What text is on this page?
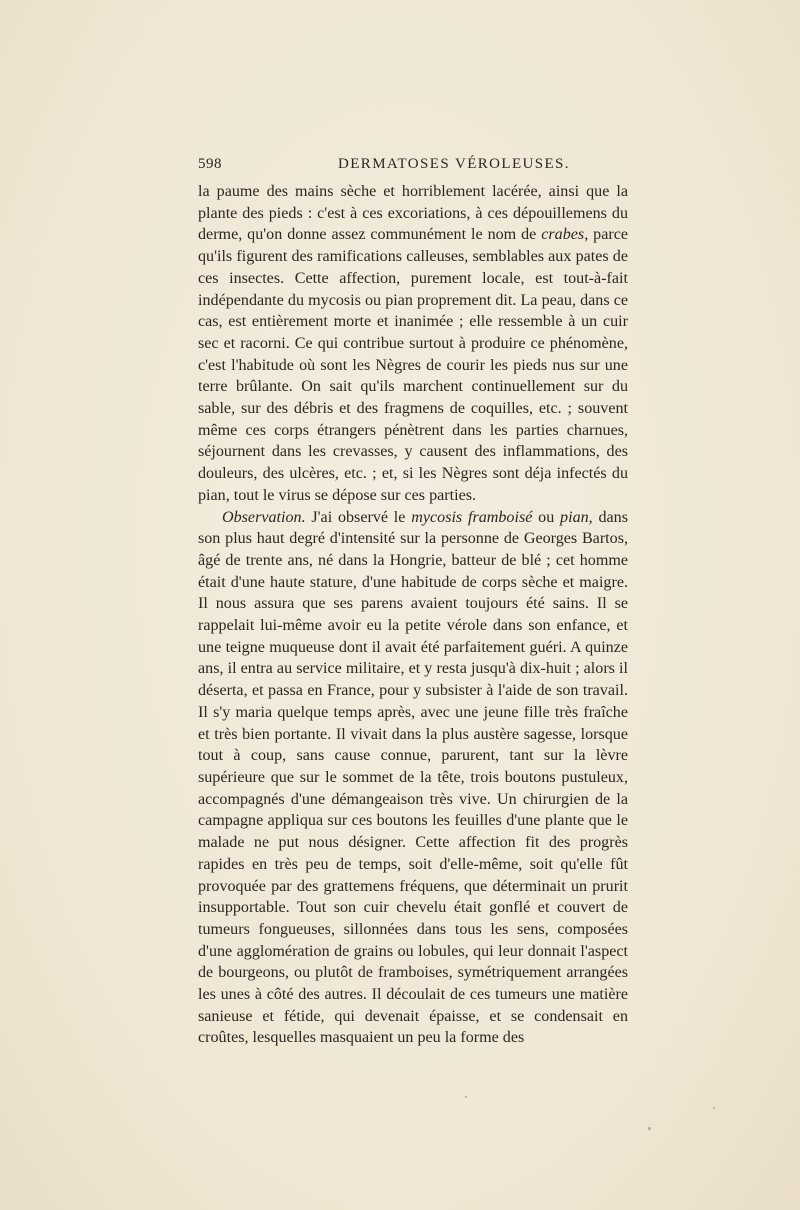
598	DERMATOSES VÉROLEUSES.

la paume des mains sèche et horriblement lacérée, ainsi que la plante des pieds : c'est à ces excoriations, à ces dépouillemens du derme, qu'on donne assez communément le nom de crabes, parce qu'ils figurent des ramifications calleuses, semblables aux pates de ces insectes. Cette affection, purement locale, est tout-à-fait indépendante du mycosis ou pian proprement dit. La peau, dans ce cas, est entièrement morte et inanimée ; elle ressemble à un cuir sec et racorni. Ce qui contribue surtout à produire ce phénomène, c'est l'habitude où sont les Nègres de courir les pieds nus sur une terre brûlante. On sait qu'ils marchent continuellement sur du sable, sur des débris et des fragmens de coquilles, etc. ; souvent même ces corps étrangers pénètrent dans les parties charnues, séjournent dans les crevasses, y causent des inflammations, des douleurs, des ulcères, etc. ; et, si les Nègres sont déja infectés du pian, tout le virus se dépose sur ces parties.

Observation. J'ai observé le mycosis framboisé ou pian, dans son plus haut degré d'intensité sur la personne de Georges Bartos, âgé de trente ans, né dans la Hongrie, batteur de blé ; cet homme était d'une haute stature, d'une habitude de corps sèche et maigre. Il nous assura que ses parens avaient toujours été sains. Il se rappelait lui-même avoir eu la petite vérole dans son enfance, et une teigne muqueuse dont il avait été parfaitement guéri. A quinze ans, il entra au service militaire, et y resta jusqu'à dix-huit ; alors il déserta, et passa en France, pour y subsister à l'aide de son travail. Il s'y maria quelque temps après, avec une jeune fille très fraîche et très bien portante. Il vivait dans la plus austère sagesse, lorsque tout à coup, sans cause connue, parurent, tant sur la lèvre supérieure que sur le sommet de la tête, trois boutons pustuleux, accompagnés d'une démangeaison très vive. Un chirurgien de la campagne appliqua sur ces boutons les feuilles d'une plante que le malade ne put nous désigner. Cette affection fit des progrès rapides en très peu de temps, soit d'elle-même, soit qu'elle fût provoquée par des grattemens fréquens, que déterminait un prurit insupportable. Tout son cuir chevelu était gonflé et couvert de tumeurs fongueuses, sillonnées dans tous les sens, composées d'une agglomération de grains ou lobules, qui leur donnait l'aspect de bourgeons, ou plutôt de framboises, symétriquement arrangées les unes à côté des autres. Il découlait de ces tumeurs une matière sanieuse et fétide, qui devenait épaisse, et se condensait en croûtes, lesquelles masquaient un peu la forme des
